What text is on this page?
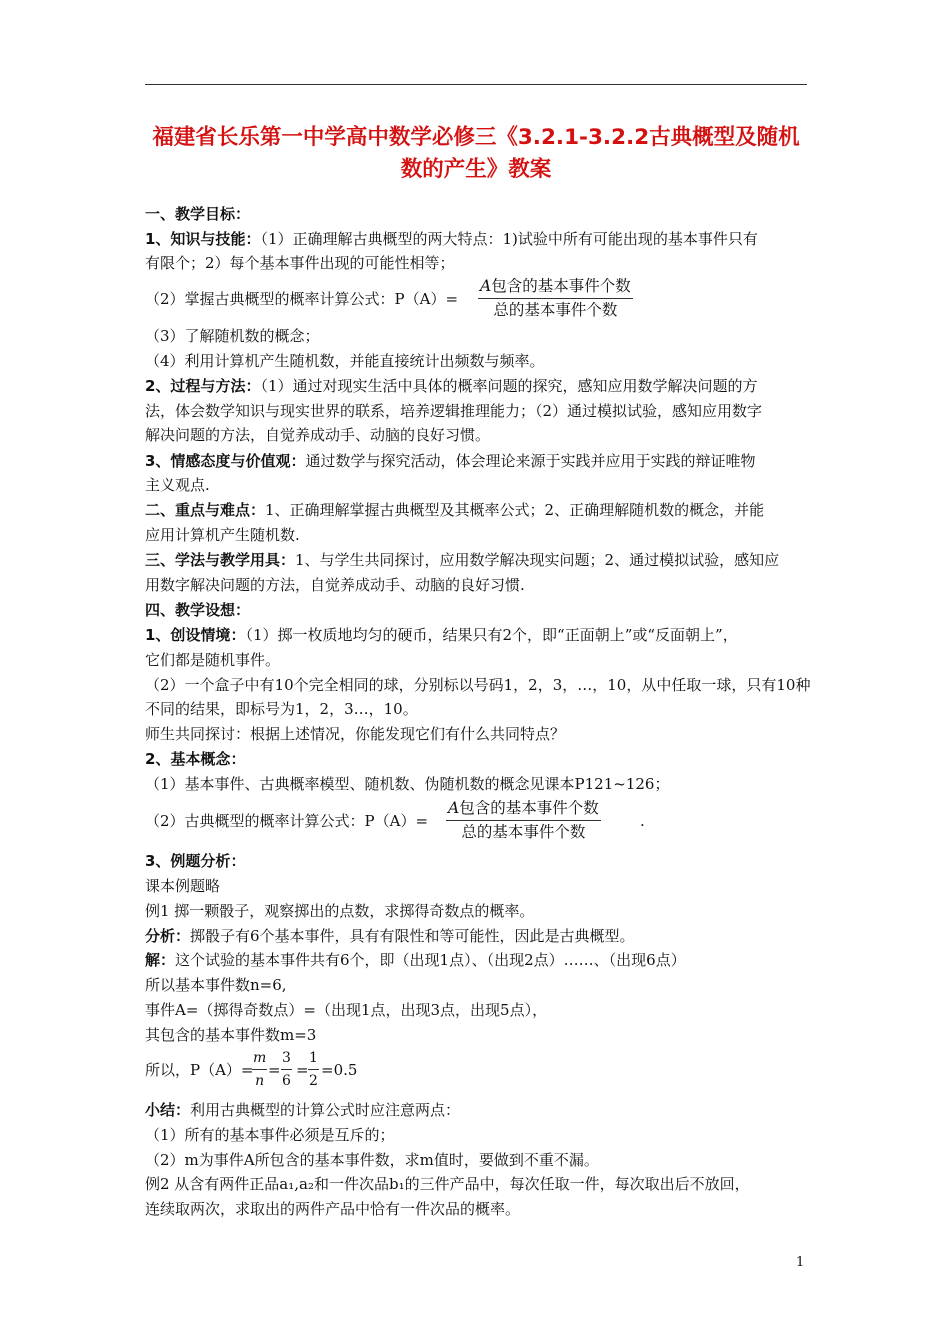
福建省长乐第一中学高中数学必修三《3.2.1-3.2.2古典概型及随机
数的产生》教案
一、教学目标：
1、知识与技能：（1）正确理解古典概型的两大特点：1)试验中所有可能出现的基本事件只有
有限个；2）每个基本事件出现的可能性相等；
（2）掌握古典概型的概率计算公式：P（A）=
A包含的基本事件个数
总的基本事件个数
（3）了解随机数的概念；
（4）利用计算机产生随机数，并能直接统计出频数与频率。
2、过程与方法：（1）通过对现实生活中具体的概率问题的探究，感知应用数学解决问题的方
法，体会数学知识与现实世界的联系，培养逻辑推理能力；（2）通过模拟试验，感知应用数字
解决问题的方法，自觉养成动手、动脑的良好习惯。
3、情感态度与价值观：通过数学与探究活动，体会理论来源于实践并应用于实践的辩证唯物
主义观点.
二、重点与难点：1、正确理解掌握古典概型及其概率公式；2、正确理解随机数的概念，并能
应用计算机产生随机数.
三、学法与教学用具：1、与学生共同探讨，应用数学解决现实问题；2、通过模拟试验，感知应
用数字解决问题的方法，自觉养成动手、动脑的良好习惯.
四、教学设想：
1、创设情境：（1）掷一枚质地均匀的硬币，结果只有2个，即“正面朝上”或“反面朝上”，
它们都是随机事件。
（2）一个盒子中有10个完全相同的球，分别标以号码1，2，3，…，10，从中任取一球，只有10种
不同的结果，即标号为1，2，3…，10。
师生共同探讨：根据上述情况，你能发现它们有什么共同特点？
2、基本概念：
（1）基本事件、古典概率模型、随机数、伪随机数的概念见课本P121~126；
（2）古典概型的概率计算公式：P（A）=
A包含的基本事件个数
总的基本事件个数
.
3、例题分析：
课本例题略
例1 掷一颗骰子，观察掷出的点数，求掷得奇数点的概率。
分析：掷骰子有6个基本事件，具有有限性和等可能性，因此是古典概型。
解：这个试验的基本事件共有6个，即（出现1点）、（出现2点）……、（出现6点）
所以基本事件数n=6,
事件A=（掷得奇数点）=（出现1点，出现3点，出现5点），
其包含的基本事件数m=3
所以，P（A）=
$\frac{m}{n} = \frac{3}{6} = \frac{1}{2} =0.5$
小结：利用古典概型的计算公式时应注意两点：
（1）所有的基本事件必须是互斥的；
（2）m为事件A所包含的基本事件数，求m值时，要做到不重不漏。
例2 从含有两件正品a₁,a₂和一件次品b₁的三件产品中，每次任取一件，每次取出后不放回，
连续取两次，求取出的两件产品中恰有一件次品的概率。
1
